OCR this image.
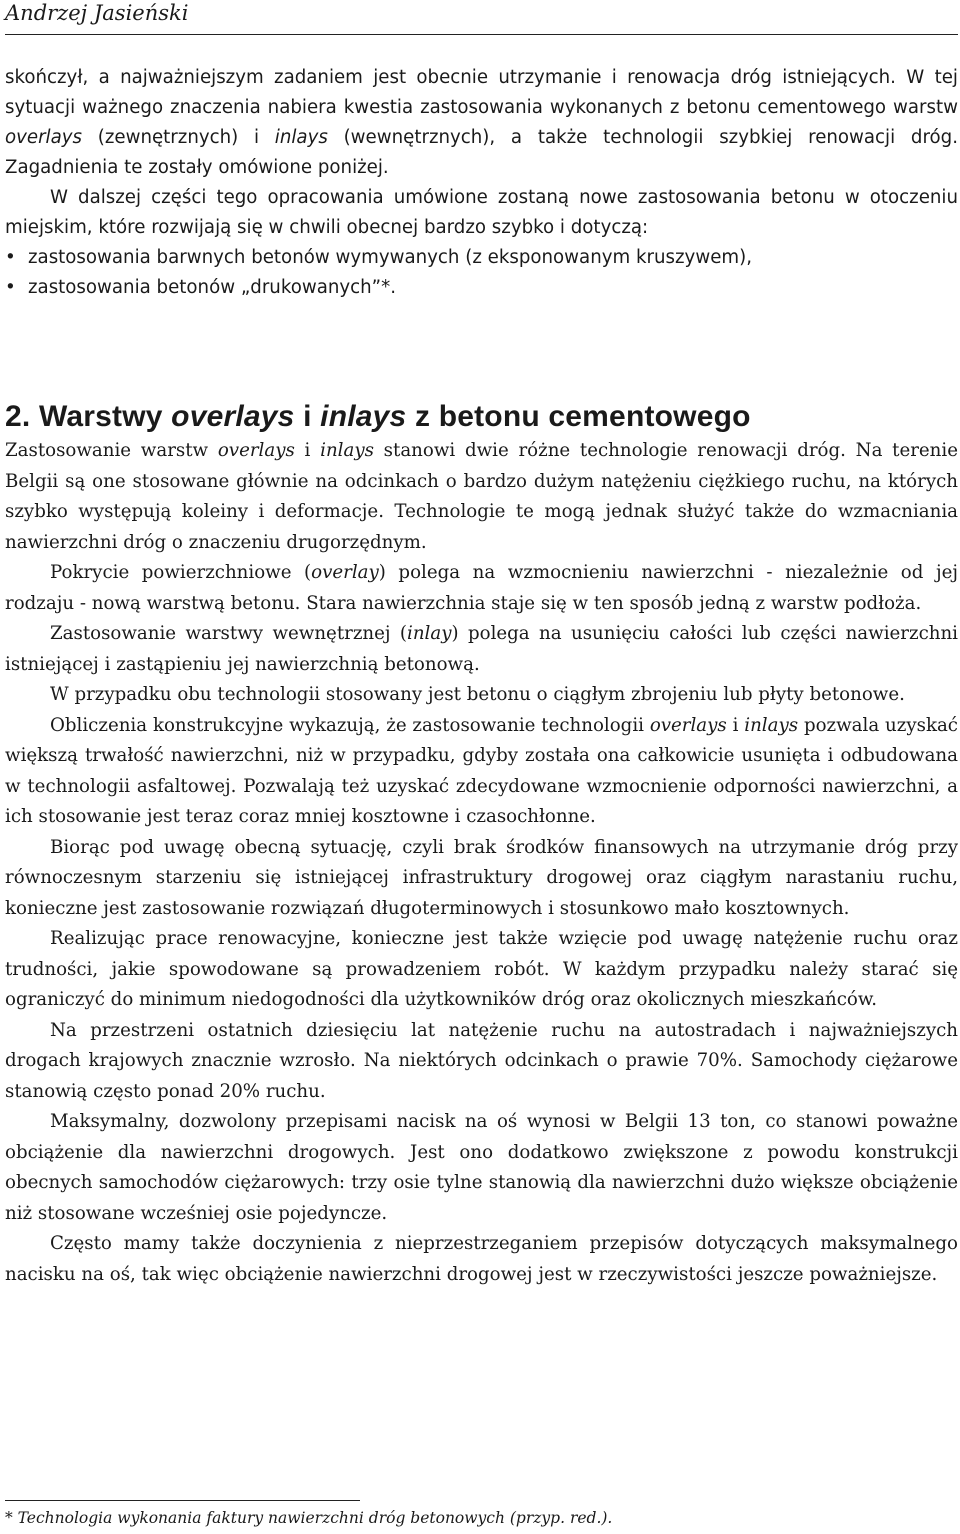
Andrzej Jasieński

skończył, a najważniejszym zadaniem jest obecnie utrzymanie i renowacja dróg istniejących. W tej sytuacji ważnego znaczenia nabiera kwestia zastosowania wykonanych z betonu cementowego warstw overlays (zewnętrznych) i inlays (wewnętrznych), a także technologii szybkiej renowacji dróg. Zagadnienia te zostały omówione poniżej.

W dalszej części tego opracowania umówione zostaną nowe zastosowania betonu w otoczeniu miejskim, które rozwijają się w chwili obecnej bardzo szybko i dotyczą:

• zastosowania barwnych betonów wymywanych (z eksponowanym kruszywem),
• zastosowania betonów „drukowanych”*.
2. Warstwy overlays i inlays z betonu cementowego

Zastosowanie warstw overlays i inlays stanowi dwie różne technologie renowacji dróg. Na terenie Belgii są one stosowane głównie na odcinkach o bardzo dużym natężeniu ciężkiego ruchu, na których szybko występują koleiny i deformacje. Technologie te mogą jednak służyć także do wzmacniania nawierzchni dróg o znaczeniu drugorzędnym.

Pokrycie powierzchniowe (overlay) polega na wzmocnieniu nawierzchni - niezależnie od jej rodzaju - nową warstwą betonu. Stara nawierzchnia staje się w ten sposób jedną z warstw podłoża.

Zastosowanie warstwy wewnętrznej (inlay) polega na usunięciu całości lub części nawierzchni istniejącej i zastąpieniu jej nawierzchnią betonową.

W przypadku obu technologii stosowany jest betonu o ciągłym zbrojeniu lub płyty betonowe.

Obliczenia konstrukcyjne wykazują, że zastosowanie technologii overlays i inlays pozwala uzyskać większą trwałość nawierzchni, niż w przypadku, gdyby została ona całkowicie usunięta i odbudowana w technologii asfaltowej. Pozwalają też uzyskać zdecydowane wzmocnienie odporności nawierzchni, a ich stosowanie jest teraz coraz mniej kosztowne i czasochłonne.

Biorąc pod uwagę obecną sytuację, czyli brak środków finansowych na utrzymanie dróg przy równoczesnym starzeniu się istniejącej infrastruktury drogowej oraz ciągłym narastaniu ruchu, konieczne jest zastosowanie rozwiązań długoterminowych i stosunkowo mało kosztownych.

Realizując prace renowacyjne, konieczne jest także wzięcie pod uwagę natężenie ruchu oraz trudności, jakie spowodowane są prowadzeniem robót. W każdym przypadku należy starać się ograniczyć do minimum niedogodności dla użytkowników dróg oraz okolicznych mieszkańców.

Na przestrzeni ostatnich dziesięciu lat natężenie ruchu na autostradach i najważniejszych drogach krajowych znacznie wzrosło. Na niektórych odcinkach o prawie 70%. Samochody ciężarowe stanowią często ponad 20% ruchu.

Maksymalny, dozwolony przepisami nacisk na oś wynosi w Belgii 13 ton, co stanowi poważne obciążenie dla nawierzchni drogowych. Jest ono dodatkowo zwiększone z powodu konstrukcji obecnych samochodów ciężarowych: trzy osie tylne stanowią dla nawierzchni dużo większe obciążenie niż stosowane wcześniej osie pojedyncze.

Często mamy także doczynienia z nieprzestrzeganiem przepisów dotyczących maksymalnego nacisku na oś, tak więc obciążenie nawierzchni drogowej jest w rzeczywistości jeszcze poważniejsze.

* Technologia wykonania faktury nawierzchni dróg betonowych (przyp. red.).
